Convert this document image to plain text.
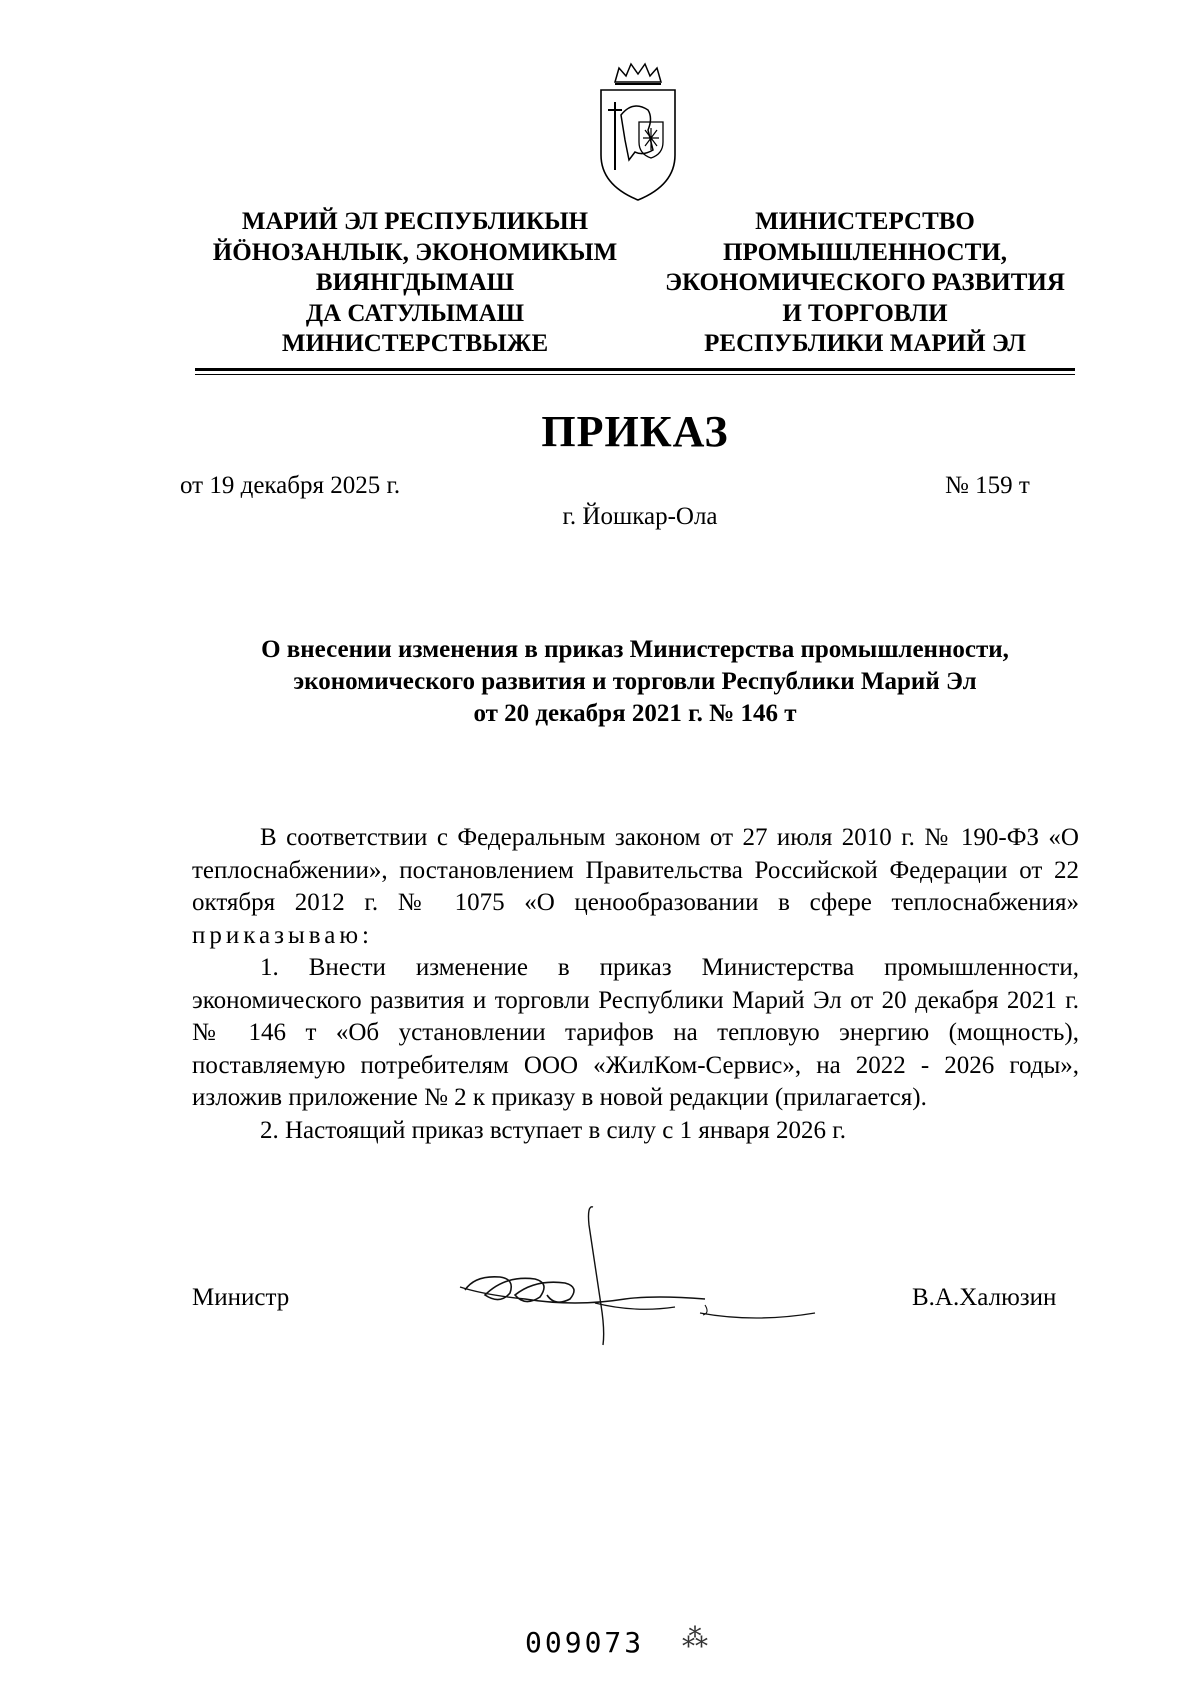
МАРИЙ ЭЛ РЕСПУБЛИКЫН
ЙӦНОЗАНЛЫК, ЭКОНОМИКЫМ
ВИЯНГДЫМАШ
ДА САТУЛЫМАШ
МИНИСТЕРСТВЫЖЕ
МИНИСТЕРСТВО
ПРОМЫШЛЕННОСТИ,
ЭКОНОМИЧЕСКОГО РАЗВИТИЯ
И ТОРГОВЛИ
РЕСПУБЛИКИ МАРИЙ ЭЛ
ПРИКАЗ
от 19 декабря 2025 г.	№ 159 т
г. Йошкар-Ола
О внесении изменения в приказ Министерства промышленности,
экономического развития и торговли Республики Марий Эл
от 20 декабря 2021 г. № 146 т

В соответствии с Федеральным законом от 27 июля 2010 г. № 190-ФЗ «О теплоснабжении», постановлением Правительства Российской Федерации от 22 октября 2012 г. № 1075 «О ценообразовании в сфере теплоснабжения» приказываю:

1. Внести изменение в приказ Министерства промышленности, экономического развития и торговли Республики Марий Эл от 20 декабря 2021 г. № 146 т «Об установлении тарифов на тепловую энергию (мощность), поставляемую потребителям ООО «ЖилКом-Сервис», на 2022 - 2026 годы», изложив приложение № 2 к приказу в новой редакции (прилагается).

2. Настоящий приказ вступает в силу с 1 января 2026 г.

Министр	В.А.Халюзин
009073 ⁂
